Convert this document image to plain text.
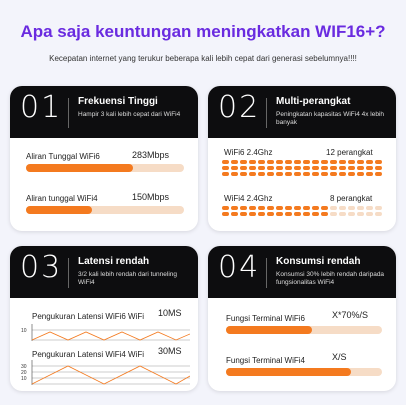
Apa saja keuntungan meningkatkan WIF16+?
Kecepatan internet yang terukur beberapa kali lebih cepat dari generasi sebelumnya!!!!
01 Frekuensi Tinggi
Hampir 3 kali lebih cepat dari WiFi4
Aliran Tunggal WiFi6	283Mbps
Aliran tunggal WiFi4	150Mbps
02 Multi-perangkat
Peningkatan kapasitas WiFi4 4x lebih banyak
WiFi6 2.4Ghz	12 perangkat
WiFi4 2.4Ghz	8 perangkat
03 Latensi rendah
3/2 kali lebih rendah dari tunneling WiFi4
Pengukuran Latensi WiFi6 WiFi 10MS
10
Pengukuran Latensi WiFi4 WiFi 30MS
30
20
10
04 Konsumsi rendah
Konsumsi 30% lebih rendah daripada fungsionalitas WiFi4
Fungsi Terminal WiFi6	X*70%/S
Fungsi Terminal WiFi4	X/S
